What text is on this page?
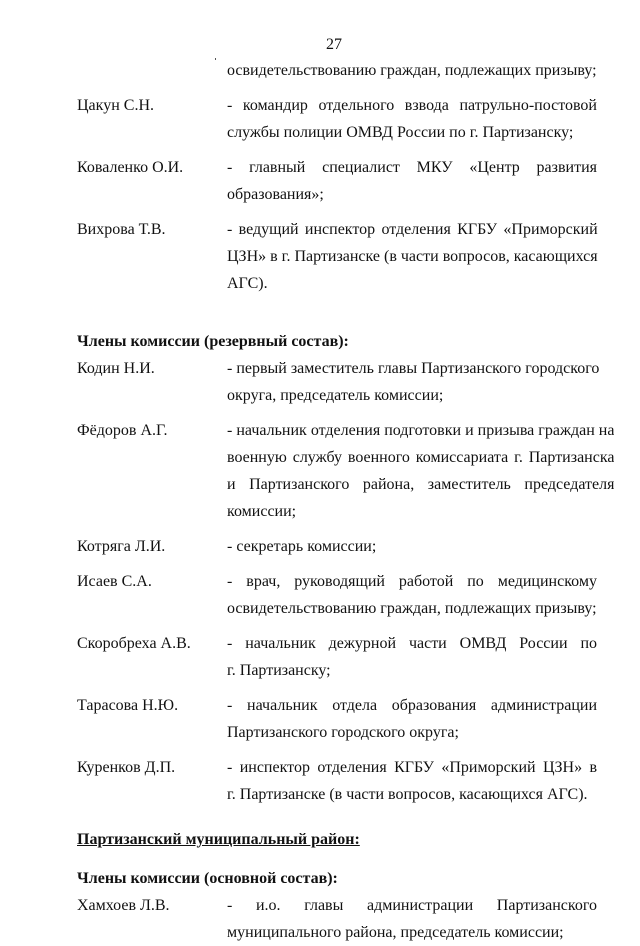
27
освидетельствованию граждан, подлежащих призыву;
Цакун С.Н.	- командир отдельного взвода патрульно-постовой
службы полиции ОМВД России по г. Партизанску;
Коваленко О.И.	- главный специалист МКУ «Центр развития
образования»;
Вихрова Т.В.	- ведущий инспектор отделения КГБУ «Приморский
ЦЗН» в г. Партизанске (в части вопросов, касающихся
АГС).
Члены комиссии (резервный состав):
Кодин Н.И.	- первый заместитель главы Партизанского городского
округа, председатель комиссии;
Фёдоров А.Г.	- начальник отделения подготовки и призыва граждан на
военную службу военного комиссариата г. Партизанска
и Партизанского района, заместитель председателя
комиссии;
Котряга Л.И.	- секретарь комиссии;
Исаев С.А.	- врач, руководящий работой по медицинскому
освидетельствованию граждан, подлежащих призыву;
Скоробреха А.В.	- начальник дежурной части ОМВД России по
г. Партизанску;
Тарасова Н.Ю.	- начальник отдела образования администрации
Партизанского городского округа;
Куренков Д.П.	- инспектор отделения КГБУ «Приморский ЦЗН» в
г. Партизанске (в части вопросов, касающихся АГС).
Партизанский муниципальный район:
Члены комиссии (основной состав):
Хамхоев Л.В.	- и.о. главы администрации Партизанского
муниципального района, председатель комиссии;
